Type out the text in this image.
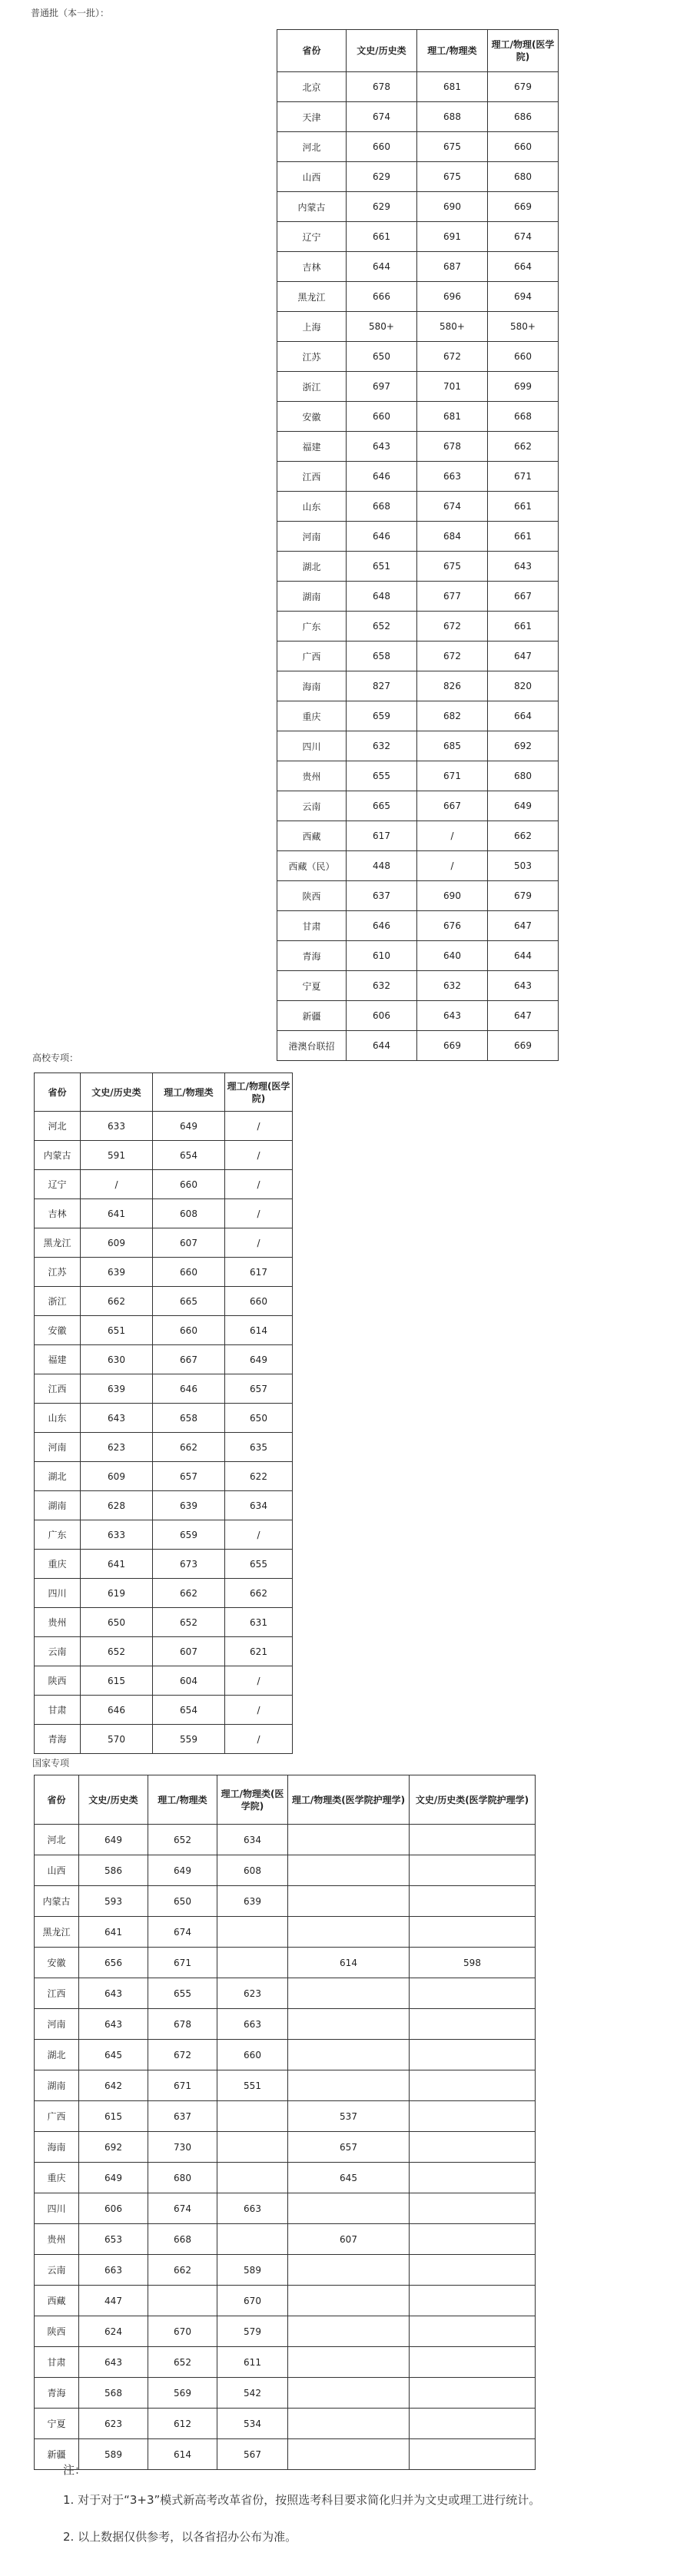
普通批（本一批）：
省份	文史/历史类	理工/物理类	理工/物理(医学院)
北京	678	681	679
天津	674	688	686
河北	660	675	660
山西	629	675	680
内蒙古	629	690	669
辽宁	661	691	674
吉林	644	687	664
黑龙江	666	696	694
上海	580+	580+	580+
江苏	650	672	660
浙江	697	701	699
安徽	660	681	668
福建	643	678	662
江西	646	663	671
山东	668	674	661
河南	646	684	661
湖北	651	675	643
湖南	648	677	667
广东	652	672	661
广西	658	672	647
海南	827	826	820
重庆	659	682	664
四川	632	685	692
贵州	655	671	680
云南	665	667	649
西藏	617	/	662
西藏（民）	448	/	503
陕西	637	690	679
甘肃	646	676	647
青海	610	640	644
宁夏	632	632	643
新疆	606	643	647
港澳台联招	644	669	669
高校专项：
省份	文史/历史类	理工/物理类	理工/物理(医学院)
河北	633	649	/
内蒙古	591	654	/
辽宁	/	660	/
吉林	641	608	/
黑龙江	609	607	/
江苏	639	660	617
浙江	662	665	660
安徽	651	660	614
福建	630	667	649
江西	639	646	657
山东	643	658	650
河南	623	662	635
湖北	609	657	622
湖南	628	639	634
广东	633	659	/
重庆	641	673	655
四川	619	662	662
贵州	650	652	631
云南	652	607	621
陕西	615	604	/
甘肃	646	654	/
青海	570	559	/
国家专项
省份	文史/历史类	理工/物理类	理工/物理类(医学院)	理工/物理类(医学院护理学)	文史/历史类(医学院护理学)
河北	649	652	634		
山西	586	649	608		
内蒙古	593	650	639		
黑龙江	641	674			
安徽	656	671		614	598
江西	643	655	623		
河南	643	678	663		
湖北	645	672	660		
湖南	642	671	551		
广西	615	637		537	
海南	692	730		657	
重庆	649	680		645	
四川	606	674	663		
贵州	653	668		607	
云南	663	662	589		
西藏	447		670		
陕西	624	670	579		
甘肃	643	652	611		
青海	568	569	542		
宁夏	623	612	534		
新疆	589	614	567		

注：

1. 对于对于“3+3”模式新高考改革省份，按照选考科目要求简化归并为文史或理工进行统计。

2. 以上数据仅供参考，以各省招办公布为准。
